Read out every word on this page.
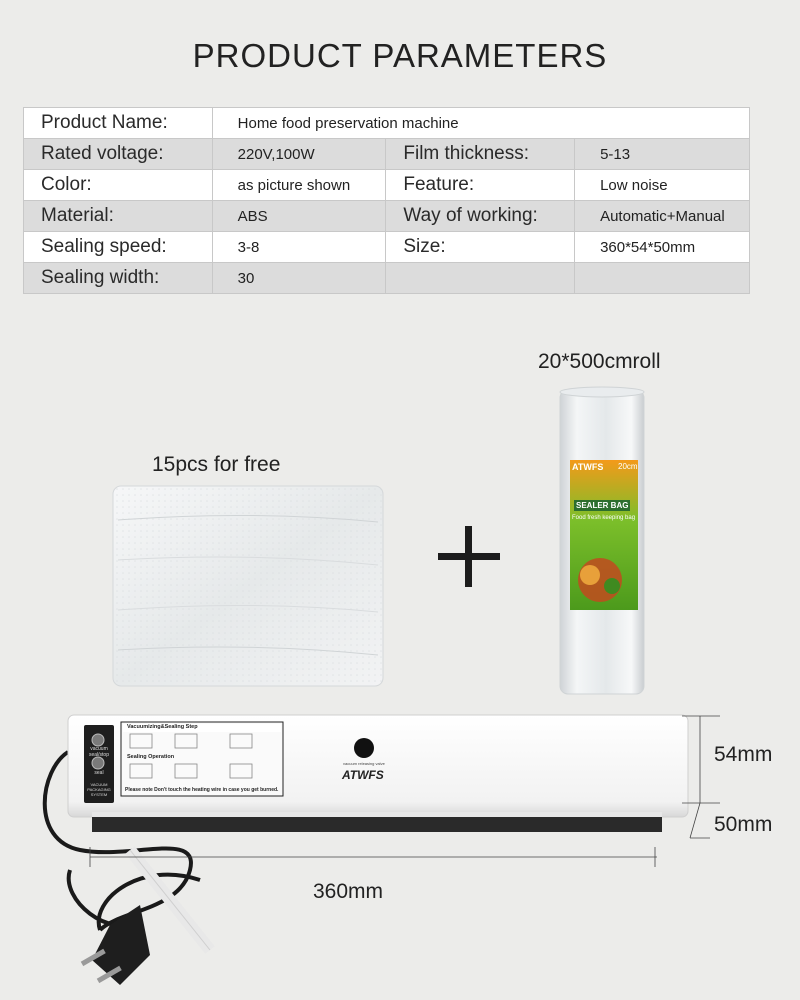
PRODUCT PARAMETERS
Product Name:	Home food preservation machine		

Rated voltage:	220V,100W	Film thickness:	5-13

Color:	as picture shown	Feature:	Low noise

Material:	ABS	Way of working:	Automatic+Manual

Sealing speed:	3-8	Size:	360*54*50mm

Sealing width:	30		

15pcs for free
20*500cmroll
ATWFS 20cm
SEALER BAG
Food fresh keeping bag
vacuum seal/stop
seal
VACUUM PACKAGING SYSTEM
Vacuumizing&Sealing Step
Sealing Operation
Please note Don't touch the heating wire in case you get burned.
vacuum releasing valve
ATWFS
54mm
50mm
360mm
